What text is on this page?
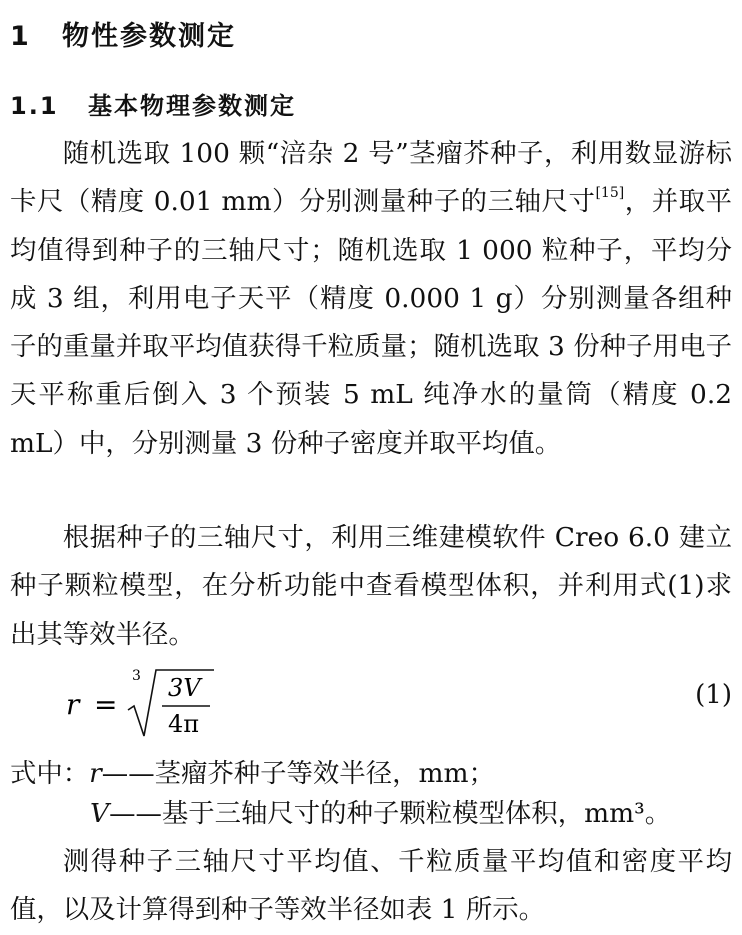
1 物性参数测定
1.1 基本物理参数测定

随机选取 100 颗“涪杂 2 号”茎瘤芥种子，利用数显游标卡尺（精度 0.01 mm）分别测量种子的三轴尺寸[15]，并取平均值得到种子的三轴尺寸；随机选取 1 000 粒种子，平均分成 3 组，利用电子天平（精度 0.000 1 g）分别测量各组种子的重量并取平均值获得千粒质量；随机选取 3 份种子用电子天平称重后倒入 3 个预装 5 mL 纯净水的量筒（精度 0.2 mL）中，分别测量 3 份种子密度并取平均值。

根据种子的三轴尺寸，利用三维建模软件 Creo 6.0 建立种子颗粒模型，在分析功能中查看模型体积，并利用式(1)求出其等效半径。

r =
3 3V
4π
(1)
式中：r——茎瘤芥种子等效半径，mm；
V——基于三轴尺寸的种子颗粒模型体积，mm³。

测得种子三轴尺寸平均值、千粒质量平均值和密度平均值，以及计算得到种子等效半径如表 1 所示。
